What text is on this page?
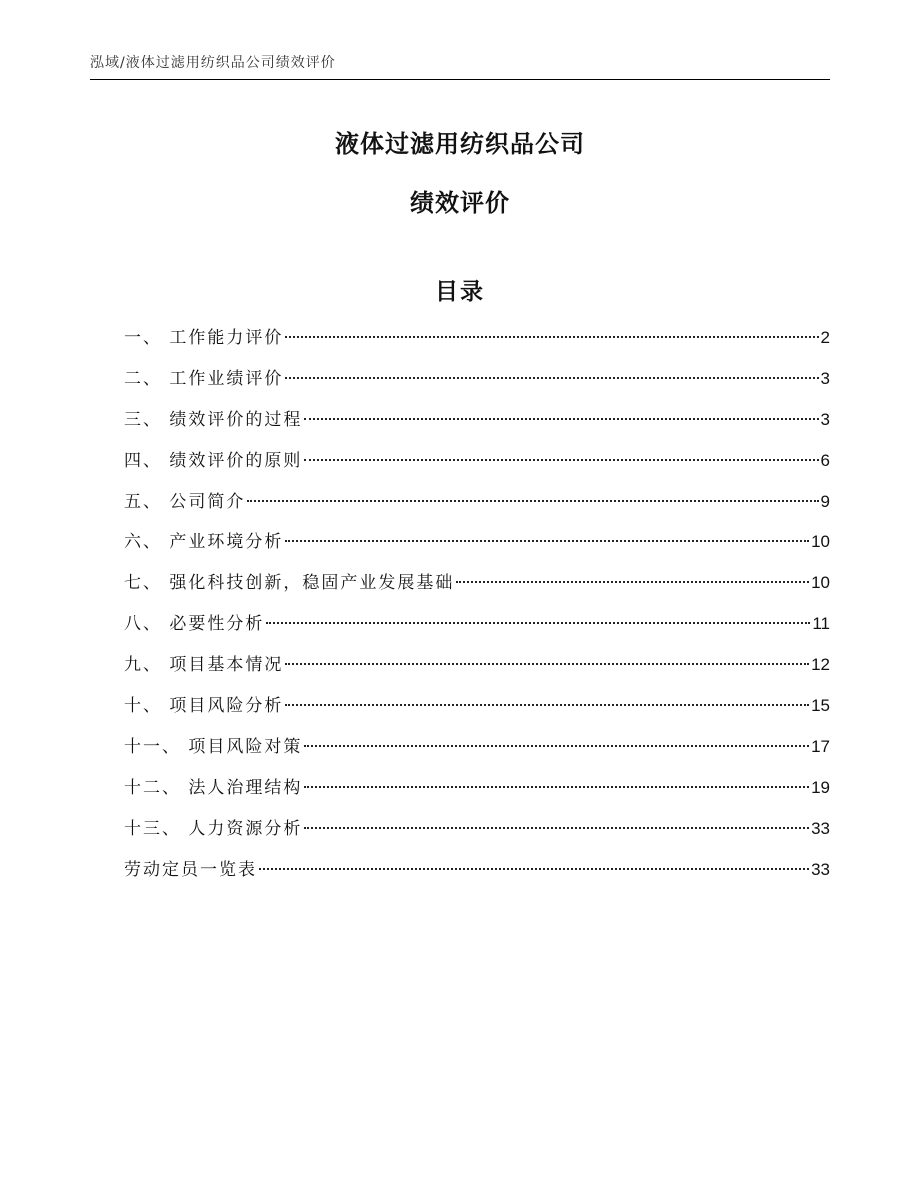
泓域/液体过滤用纺织品公司绩效评价
液体过滤用纺织品公司
绩效评价
目录
一、 工作能力评价	2
二、 工作业绩评价	3
三、 绩效评价的过程	3
四、 绩效评价的原则	6
五、 公司简介	9
六、 产业环境分析	10
七、 强化科技创新，稳固产业发展基础	10
八、 必要性分析	11
九、 项目基本情况	12
十、 项目风险分析	15
十一、 项目风险对策	17
十二、 法人治理结构	19
十三、 人力资源分析	33
劳动定员一览表	33
